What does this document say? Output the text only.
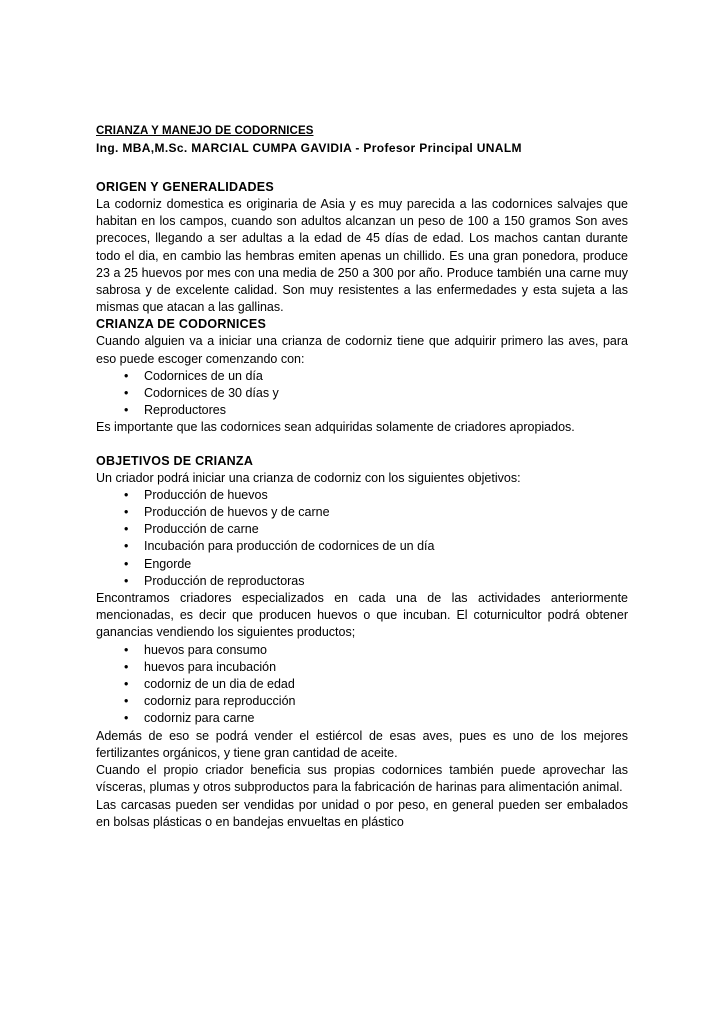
CRIANZA Y MANEJO DE CODORNICES
Ing. MBA,M.Sc. MARCIAL CUMPA GAVIDIA - Profesor Principal UNALM
ORIGEN Y GENERALIDADES

La codorniz domestica es originaria de Asia y es muy parecida a las codornices salvajes que habitan en los campos, cuando son adultos alcanzan un peso de 100 a 150 gramos Son aves precoces, llegando a ser adultas a la edad de 45 días de edad. Los machos cantan durante todo el dia, en cambio las hembras emiten apenas un chillido. Es una gran ponedora, produce 23 a 25 huevos por mes con una media de 250 a 300 por año. Produce también una carne muy sabrosa y de excelente calidad. Son muy resistentes a las enfermedades y esta sujeta a las mismas que atacan a las gallinas.

CRIANZA DE CODORNICES

Cuando alguien va a iniciar una crianza de codorniz tiene que adquirir primero las aves, para eso puede escoger comenzando con:

• Codornices de un día
• Codornices de 30 días y
• Reproductores

Es importante que las codornices sean adquiridas solamente de criadores apropiados.

OBJETIVOS DE CRIANZA

Un criador podrá iniciar una crianza de codorniz con los siguientes objetivos:

• Producción de huevos
• Producción de huevos y de carne
• Producción de carne
• Incubación para producción de codornices de un día
• Engorde
• Producción de reproductoras

Encontramos criadores especializados en cada una de las actividades anteriormente mencionadas, es decir que producen huevos o que incuban. El coturnicultor podrá obtener ganancias vendiendo los siguientes productos;

• huevos para consumo
• huevos para incubación
• codorniz de un dia de edad
• codorniz para reproducción
• codorniz para carne

Además de eso se podrá vender el estiércol de esas aves, pues es uno de los mejores fertilizantes orgánicos, y tiene gran cantidad de aceite.

Cuando el propio criador beneficia sus propias codornices también puede aprovechar las vísceras, plumas y otros subproductos para la fabricación de harinas para alimentación animal.

Las carcasas pueden ser vendidas por unidad o por peso, en general pueden ser embalados en bolsas plásticas o en bandejas envueltas en plástico
